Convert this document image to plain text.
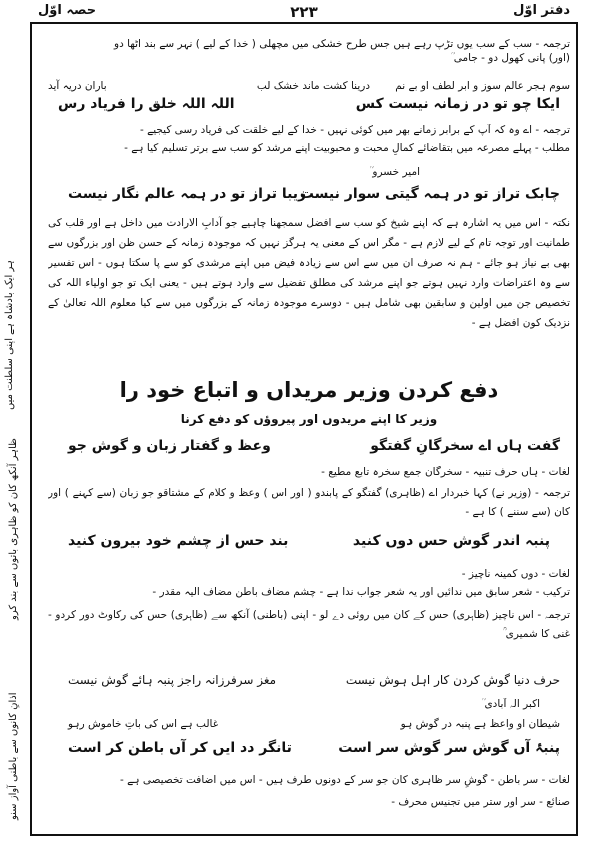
دفتر اوّل
۲۲۳
حصہ اوّل
ہر ایک بادشاہ ہے اپنی سلطنت میں
ظاہر آنکھ کان کو ظاہری باتوں سے بند کرو
اذانِ کانوں سے باطنی آواز سنو
ترجمہ - سب کے سب یوں تڑپ رہے ہیں جس طرح خشکی میں مچھلی ( خدا کے لیے ) نہر سے بند اٹھا دو
(اور) پانی کھول دو - جامی ؒ
درینا کشت ماند خشک لب سوم ہجر عالم سوز و ابر لطف او بے نم
باران دریہ آید
ایکا چو تو در زمانہ نیست کس
اللہ اللہ خلق را فریاد رس
ترجمہ - اے وہ کہ آپ کے برابر زمانے بھر میں کوئی نہیں - خدا کے لیے خلقت کی فریاد رسی کیجیے -
مطلب - پہلے مصرعہ میں بتقاضائے کمالِ محبت و محبوبیت اپنے مرشد کو سب سے برتر تسلیم کیا ہے -
امیر خسرو ؒ
چابک تراز تو در ہمہ گیتی سوار نیست
زیبا تراز تو در ہمہ عالم نگار نیست
نکتہ - اس میں یہ اشارہ ہے کہ اپنے شیخ کو سب سے افضل سمجھنا چاہیے جو آدابِ الارادت میں داخل ہے اور قلب کی طمانیت اور توجہ تام کے لیے لازم ہے - مگر اس کے معنی یہ ہرگز نہیں کہ موجودہ زمانہ کے حسن ظن اور بزرگوں سے بھی بے نیاز ہو جائے - ہم نہ صرف ان میں سے اس سے زیادہ فیض میں اپنے مرشدی کو سے پا سکتا ہوں - اس تفسیر سے وہ اعتراضات وارد نہیں ہوتے جو اپنے مرشد کی مطلق تفضیل سے وارد ہوتے ہیں - یعنی ایک تو جو اولیاء اللہ کی تخصیص جن میں اولین و سابقین بھی شامل ہیں - دوسرے موجودہ زمانہ کے بزرگوں میں سے کیا معلوم اللہ تعالیٰ کے نزدیک کون افضل ہے -
دفع کردن وزیر مریداں و اتباع خود را
وزیر کا اپنے مریدوں اور پیروؤں کو دفع کرنا
گفت ہاں اے سخرگانِ گفتگو
وعظ و گفتار زبان و گوش جو
لغات - ہاں حرف تنبیہ - سخرگان جمع سخرہ تابع مطیع -
ترجمہ - (وزیر نے) کہا خبردار اے (ظاہری) گفتگو کے پابندو ( اور اس ) وعظ و کلام کے مشتاقو جو زبان (سے کہنے ) اور کان (سے سننے ) کا ہے -
پنبہ اندر گوش حس دوں کنید
بند حس از چشم خود بیرون کنید
لغات - دوں کمینہ ناچیز -
ترکیب - شعر سابق میں ندائیں اور یہ شعر جواب ندا ہے - چشم مضاف باطن مضاف الیہ مقدر -
ترجمہ - اس ناچیز (ظاہری) حس کے کان میں روئی دے لو - اپنی (باطنی) آنکھ سے (ظاہری) حس کی رکاوٹ دور کردو - غنی کا شمیری ؒ
حرف دنیا گوش کردن کار اہل ہوش نیست
مغز سرفرزانہ راجز پنبہ ہائے گوش نیست
اکبر الہ آبادی ؒ
شیطان او واعظ ہے پنبہ در گوش ہو
غالب ہے اس کی باتِ خاموش رہو
پنبۂ آں گوش سر گوش سر است
تانگر دد ایں کر آں باطن کر است
لغات - سر باطن - گوشِ سر ظاہری کان جو سر کے دونوں طرف ہیں - اس میں اضافت تخصیصی ہے -
صنائع - سر اور ستر میں تجنیس محرف -
